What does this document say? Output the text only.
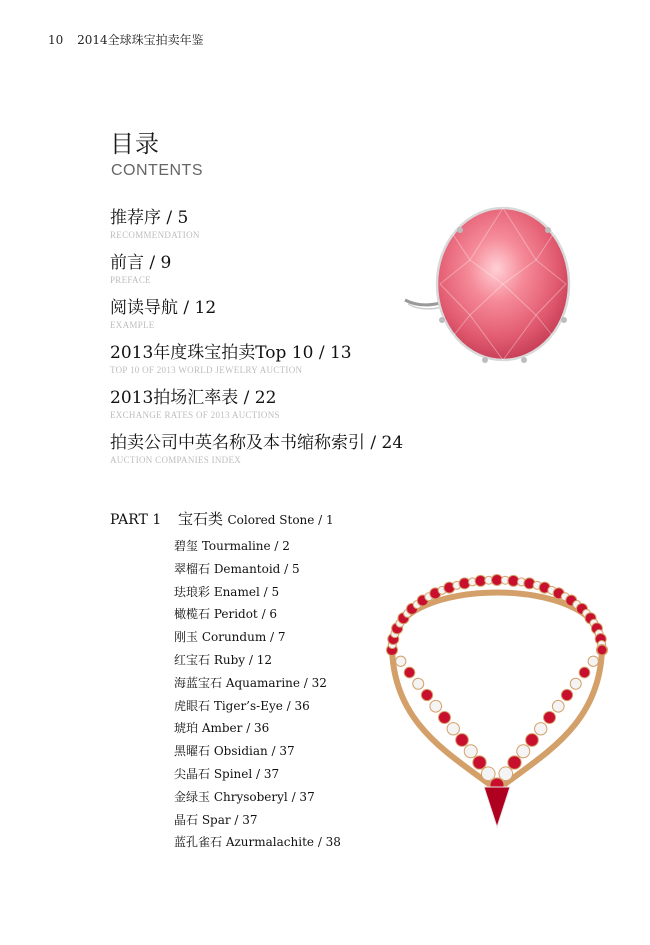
10 2014全球珠宝拍卖年鉴
目录
CONTENTS
推荐序 / 5
RECOMMENDATION
前言 / 9
PREFACE
阅读导航 / 12
EXAMPLE
2013年度珠宝拍卖Top 10 / 13
TOP 10 OF 2013 WORLD JEWELRY AUCTION
2013拍场汇率表 / 22
EXCHANGE RATES OF 2013 AUCTIONS
拍卖公司中英名称及本书缩称索引 / 24
AUCTION COMPANIES INDEX
PART 1 宝石类 Colored Stone / 1
碧玺 Tourmaline / 2
翠榴石 Demantoid / 5
珐琅彩 Enamel / 5
橄榄石 Peridot / 6
刚玉 Corundum / 7
红宝石 Ruby / 12
海蓝宝石 Aquamarine / 32
虎眼石 Tiger’s-Eye / 36
琥珀 Amber / 36
黑曜石 Obsidian / 37
尖晶石 Spinel / 37
金绿玉 Chrysoberyl / 37
晶石 Spar / 37
蓝孔雀石 Azurmalachite / 38
